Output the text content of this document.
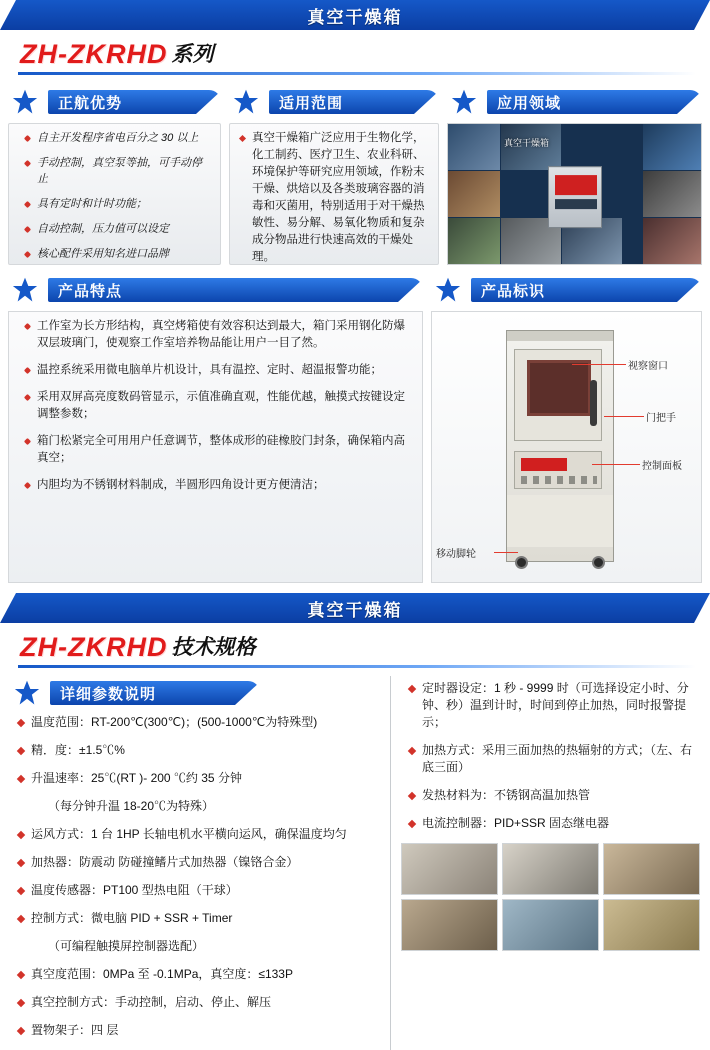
真空干燥箱
ZH-ZKRHD 系列
正航优势
自主开发程序省电百分之 30 以上
手动控制，真空泵等抽，可手动停止
具有定时和计时功能；
自动控制，压力值可以设定
核心配件采用知名进口品牌
适用范围

真空干燥箱广泛应用于生物化学，化工制药、医疗卫生、农业科研、环境保护等研究应用领域，作粉末干燥、烘焙以及各类玻璃容器的消毒和灭菌用，特别适用于对干燥热敏性、易分解、易氧化物质和复杂成分物品进行快速高效的干燥处理。

应用领域
真空干燥箱
产品特点
工作室为长方形结构，真空烤箱使有效容积达到最大，箱门采用钢化防爆双层玻璃门，使观察工作室培养物品能让用户一目了然。
温控系统采用微电脑单片机设计，具有温控、定时、超温报警功能；
采用双屏高亮度数码管显示，示值准确直观，性能优越，触摸式按键设定调整参数；
箱门松紧完全可用用户任意调节，整体成形的硅橡胶门封条，确保箱内高真空；
内胆均为不锈钢材料制成，半圆形四角设计更方便清洁；
产品标识
视察窗口
门把手
控制面板
移动脚轮
真空干燥箱
ZH-ZKRHD 技术规格
详细参数说明
温度范围：RT-200℃(300℃)；(500-1000℃为特殊型)
精．度：±1.5℃%
升温速率：25℃(RT )- 200 ℃约 35 分钟
（每分钟升温 18-20℃为特殊）
运风方式：1 台 1HP 长轴电机水平横向运风，确保温度均匀
加热器：防震动 防碰撞鳍片式加热器（镍铬合金）
温度传感器：PT100 型热电阻（干球）
控制方式：微电脑 PID + SSR + Timer
（可编程触摸屏控制器选配）
真空度范围：0MPa 至 -0.1MPa，真空度：≤133P
真空控制方式：手动控制，启动、停止、解压
置物架子：四 层
定时器设定：1 秒 - 9999 时（可选择设定小时、分钟、秒）温到计时，时间到停止加热，同时报警提示；
加热方式：采用三面加热的热辐射的方式；（左、右底三面）
发热材料为：不锈钢高温加热管
电流控制器：PID+SSR 固态继电器
